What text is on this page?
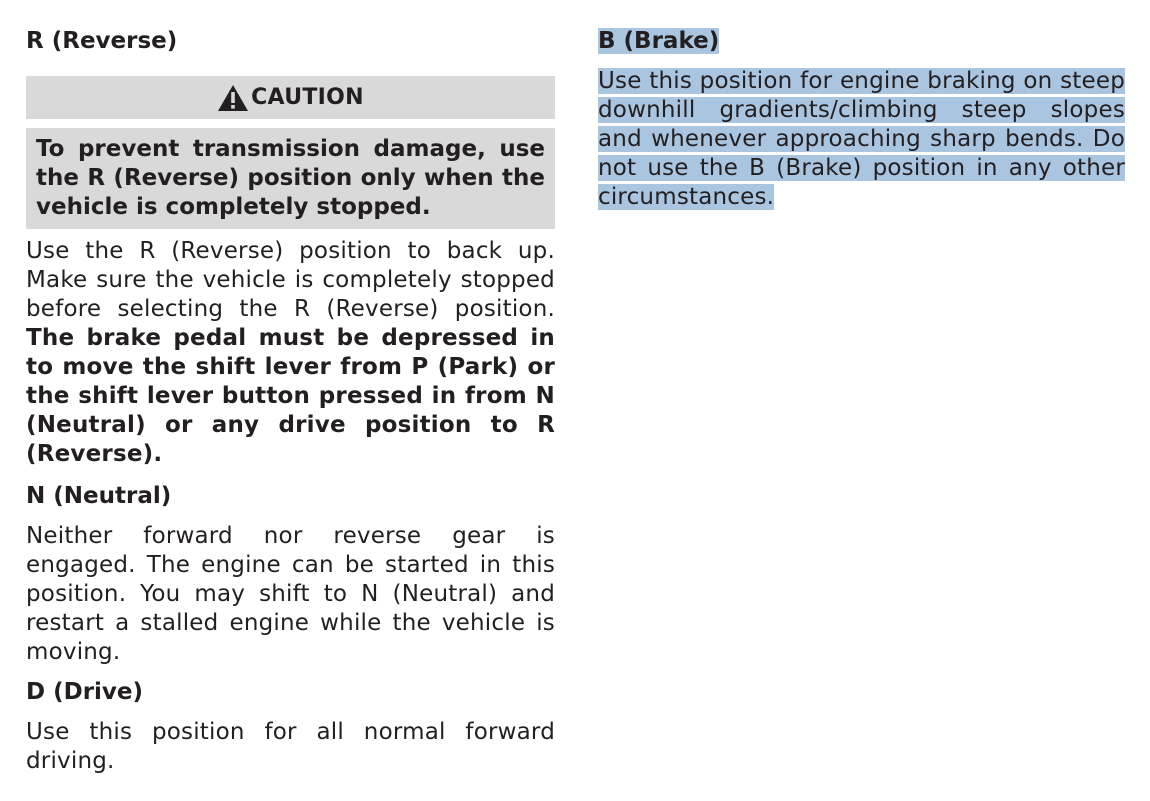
R (Reverse)
CAUTION

To prevent transmission damage, use the R (Reverse) position only when the vehicle is completely stopped.

Use the R (Reverse) position to back up. Make sure the vehicle is completely stopped before selecting the R (Reverse) position. The brake pedal must be depressed in to move the shift lever from P (Park) or the shift lever button pressed in from N (Neutral) or any drive position to R (Reverse).

N (Neutral)

Neither forward nor reverse gear is engaged. The engine can be started in this position. You may shift to N (Neutral) and restart a stalled engine while the vehicle is moving.

D (Drive)

Use this position for all normal forward driving.

B (Brake)

Use this position for engine braking on steep downhill gradients/climbing steep slopes and whenever approaching sharp bends. Do not use the B (Brake) position in any other circumstances.
